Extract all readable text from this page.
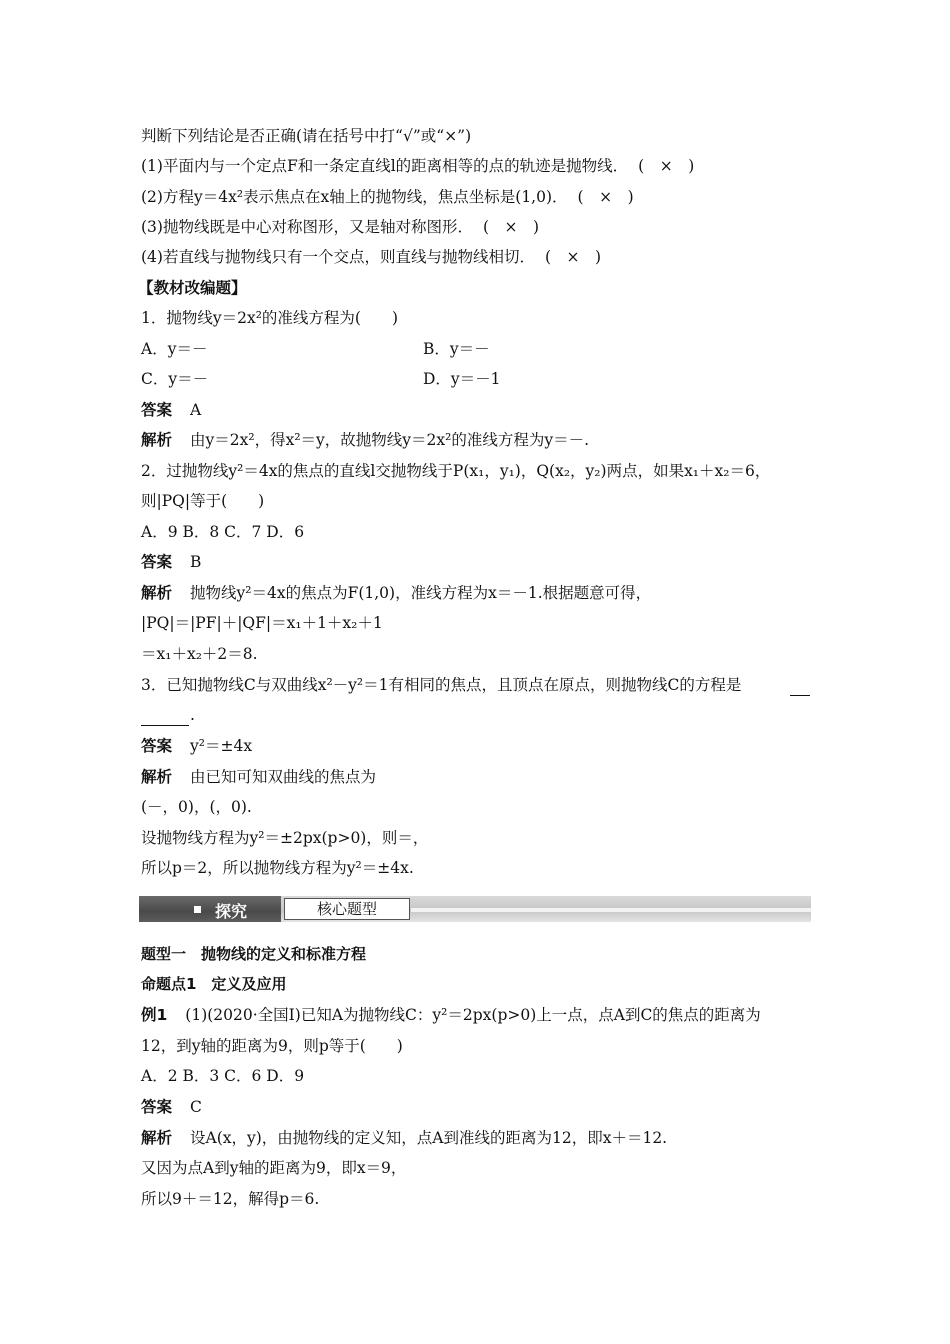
判断下列结论是否正确(请在括号中打“√”或“×”)
(1)平面内与一个定点F和一条定直线l的距离相等的点的轨迹是抛物线． (　×　)
(2)方程y＝4x²表示焦点在x轴上的抛物线，焦点坐标是(1,0)． (　×　)
(3)抛物线既是中心对称图形，又是轴对称图形． (　×　)
(4)若直线与抛物线只有一个交点，则直线与抛物线相切． (　×　)
【教材改编题】
1．抛物线y＝2x²的准线方程为(　　)
A．y＝－	B．y＝－
C．y＝－	D．y＝－1
答案 A
解析 由y＝2x²，得x²＝y，故抛物线y＝2x²的准线方程为y＝－.
2．过抛物线y²＝4x的焦点的直线l交抛物线于P(x₁，y₁)，Q(x₂，y₂)两点，如果x₁＋x₂＝6，
则|PQ|等于(　　)
A．9 B．8 C．7 D．6
答案 B
解析 抛物线y²＝4x的焦点为F(1,0)，准线方程为x＝－1.根据题意可得，
|PQ|＝|PF|＋|QF|＝x₁＋1＋x₂＋1
＝x₁＋x₂＋2＝8.
3．已知抛物线C与双曲线x²－y²＝1有相同的焦点，且顶点在原点，则抛物线C的方程是
.
答案 y²＝±4x
解析 由已知可知双曲线的焦点为
(－，0)，(，0).
设抛物线方程为y²＝±2px(p>0)，则＝，
所以p＝2，所以抛物线方程为y²＝±4x.
探究	核心题型
题型一　抛物线的定义和标准方程
命题点1　定义及应用
例1 (1)(2020·全国Ⅰ)已知A为抛物线C：y²＝2px(p>0)上一点，点A到C的焦点的距离为
12，到y轴的距离为9，则p等于(　　)
A．2 B．3 C．6 D．9
答案 C
解析 设A(x，y)，由抛物线的定义知，点A到准线的距离为12，即x＋＝12.
又因为点A到y轴的距离为9，即x＝9，
所以9＋＝12，解得p＝6.
